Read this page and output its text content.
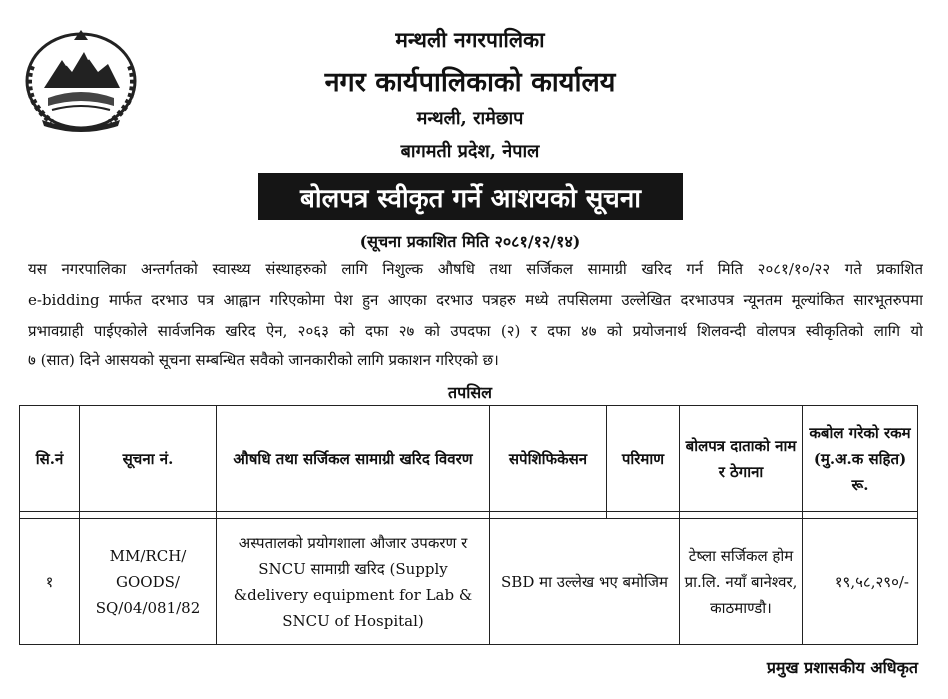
मन्थली नगरपालिका
नगर कार्यपालिकाको कार्यालय
मन्थली, रामेछाप
बागमती प्रदेश, नेपाल
बोलपत्र स्वीकृत गर्ने आशयको सूचना
(सूचना प्रकाशित मिति २०८१/१२/१४)
यस नगरपालिका अन्तर्गतको स्वास्थ्य संस्थाहरुको लागि निशुल्क औषधि तथा सर्जिकल सामाग्री खरिद गर्न मिति २०८१/१०/२२ गते प्रकाशित
e-bidding मार्फत दरभाउ पत्र आह्वान गरिएकोमा पेश हुन आएका दरभाउ पत्रहरु मध्ये तपसिलमा उल्लेखित दरभाउपत्र न्यूनतम मूल्यांकित सारभूतरुपमा
प्रभावग्राही पाईएकोले सार्वजनिक खरिद ऐन, २०६३ को दफा २७ को उपदफा (२) र दफा ४७ को प्रयोजनार्थ शिलवन्दी वोलपत्र स्वीकृतिको लागि यो
७ (सात) दिने आसयको सूचना सम्बन्धित सवैको जानकारीको लागि प्रकाशन गरिएको छ।
तपसिल
सि.नं	सूचना नं.	औषधि तथा सर्जिकल सामाग्री खरिद विवरण	सपेशिफिकेसन	परिमाण	बोलपत्र दाताको नाम र ठेगाना	कबोल गरेको रकम (मु.अ.क सहित) रू.

१	MM/RCH/ GOODS/ SQ/04/081/82	अस्पतालको प्रयोगशाला औजार उपकरण र SNCU सामाग्री खरिद (Supply &delivery equipment for Lab & SNCU of Hospital)	SBD मा उल्लेख भए बमोजिम		टेष्ला सर्जिकल होम प्रा.लि. नयाँ बानेश्वर, काठमाण्डौ।	१९,५८,२९०/-
प्रमुख प्रशासकीय अधिकृत
